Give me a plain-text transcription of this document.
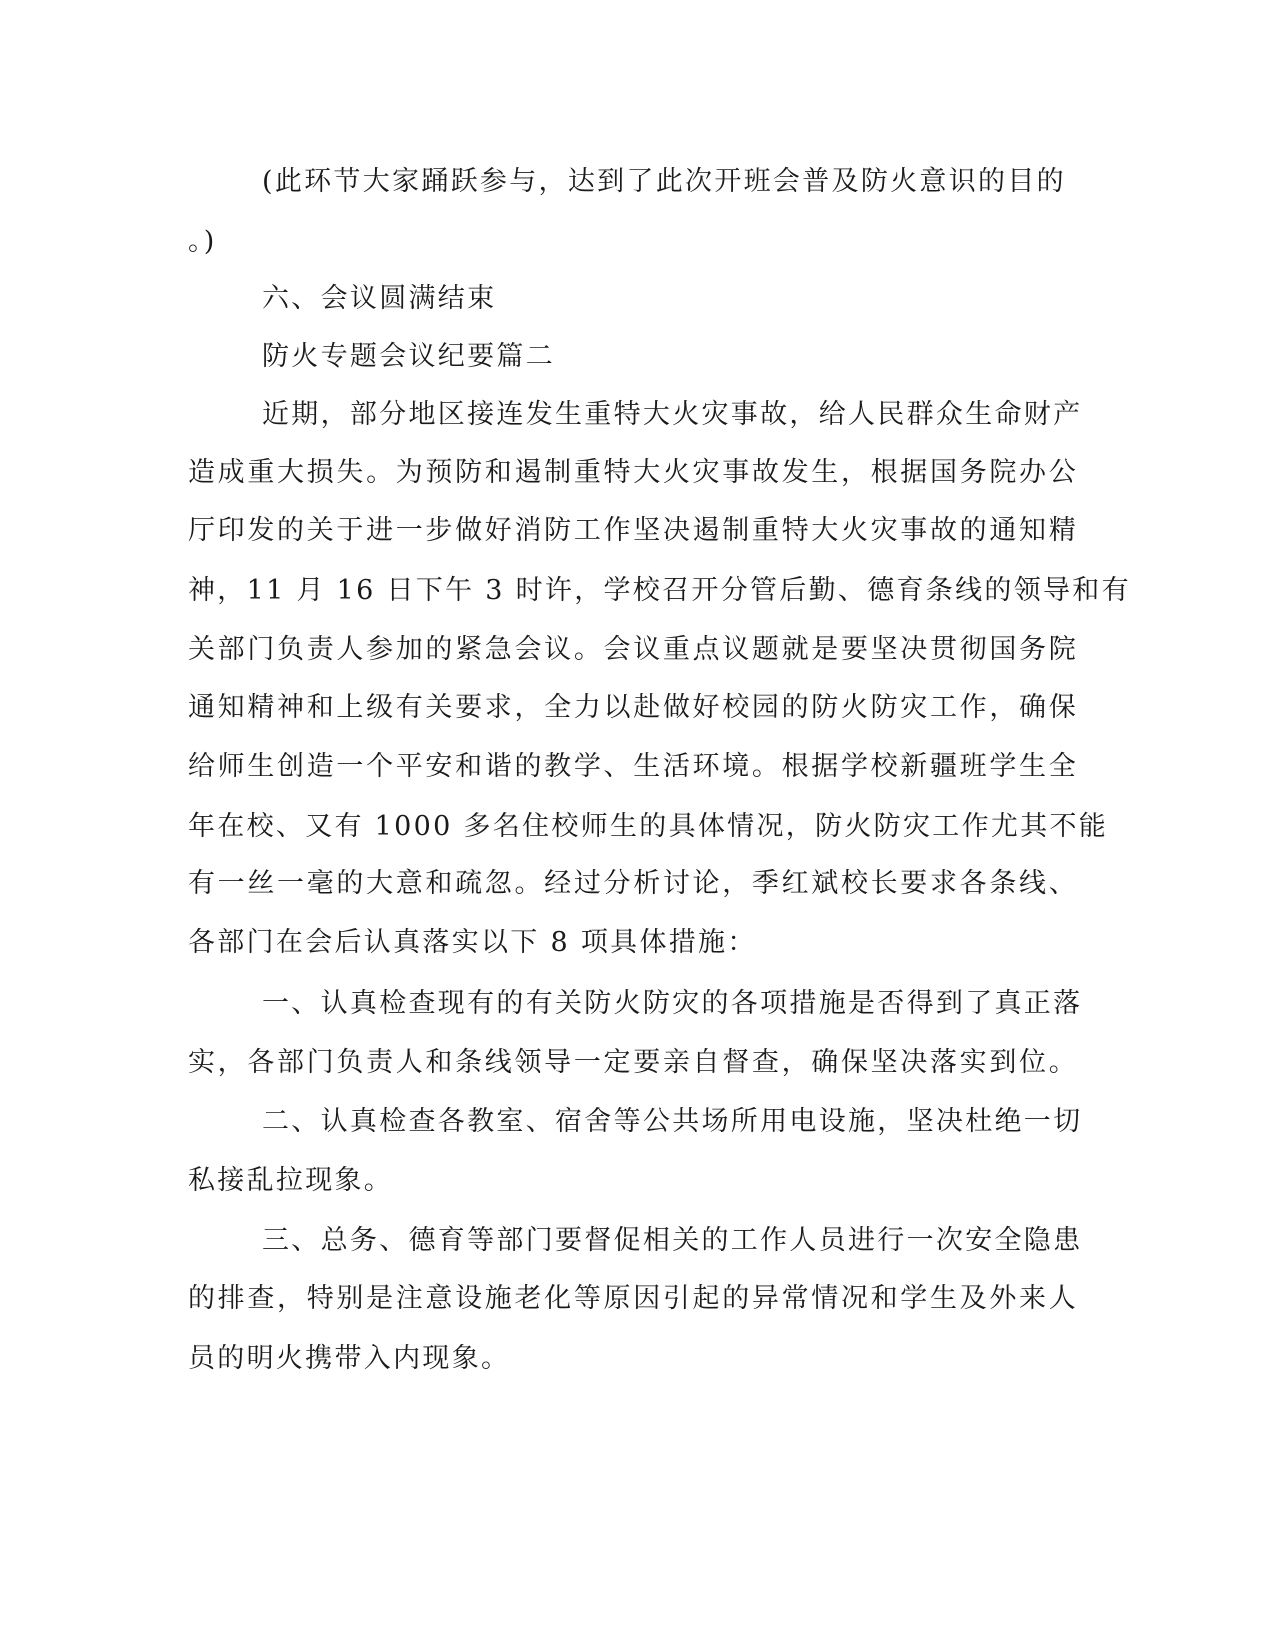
(此环节大家踊跃参与，达到了此次开班会普及防火意识的目的
。)
六、会议圆满结束
防火专题会议纪要篇二
近期，部分地区接连发生重特大火灾事故，给人民群众生命财产
造成重大损失。为预防和遏制重特大火灾事故发生，根据国务院办公
厅印发的关于进一步做好消防工作坚决遏制重特大火灾事故的通知精
神，11 月 16 日下午 3 时许，学校召开分管后勤、德育条线的领导和有
关部门负责人参加的紧急会议。会议重点议题就是要坚决贯彻国务院
通知精神和上级有关要求，全力以赴做好校园的防火防灾工作，确保
给师生创造一个平安和谐的教学、生活环境。根据学校新疆班学生全
年在校、又有 1000 多名住校师生的具体情况，防火防灾工作尤其不能
有一丝一毫的大意和疏忽。经过分析讨论，季红斌校长要求各条线、
各部门在会后认真落实以下 8 项具体措施：
一、认真检查现有的有关防火防灾的各项措施是否得到了真正落
实，各部门负责人和条线领导一定要亲自督查，确保坚决落实到位。
二、认真检查各教室、宿舍等公共场所用电设施，坚决杜绝一切
私接乱拉现象。
三、总务、德育等部门要督促相关的工作人员进行一次安全隐患
的排查，特别是注意设施老化等原因引起的异常情况和学生及外来人
员的明火携带入内现象。
